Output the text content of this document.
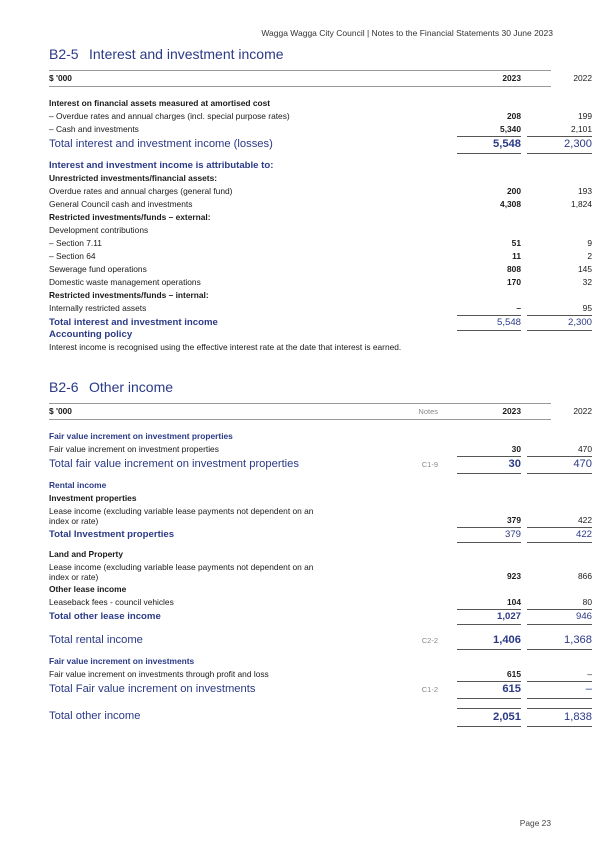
Wagga Wagga City Council | Notes to the Financial Statements 30 June 2023
B2-5 Interest and investment income
$ '000	2023	2022
Interest on financial assets measured at amortised cost
– Overdue rates and annual charges (incl. special purpose rates)	208	199
– Cash and investments	5,340	2,101
Total interest and investment income (losses)	5,548	2,300
Interest and investment income is attributable to:
Unrestricted investments/financial assets:
Overdue rates and annual charges (general fund)	200	193
General Council cash and investments	4,308	1,824
Restricted investments/funds – external:
Development contributions
– Section 7.11	51	9
– Section 64	11	2
Sewerage fund operations	808	145
Domestic waste management operations	170	32
Restricted investments/funds – internal:
Internally restricted assets	–	95
Total interest and investment income	5,548	2,300
Accounting policy
Interest income is recognised using the effective interest rate at the date that interest is earned.
B2-6 Other income
$ '000	Notes	2023	2022
Fair value increment on investment properties
Fair value increment on investment properties	30	470
Total fair value increment on investment properties	C1-9	30	470
Rental income
Investment properties
Lease income (excluding variable lease payments not dependent on an
index or rate)	379	422
Total Investment properties	379	422
Land and Property
Lease income (excluding variable lease payments not dependent on an
index or rate)	923	866
Other lease income
Leaseback fees - council vehicles	104	80
Total other lease income	1,027	946
Total rental income	C2-2	1,406	1,368
Fair value increment on investments
Fair value increment on investments through profit and loss	615	–
Total Fair value increment on investments	C1-2	615	–
Total other income	2,051	1,838
Page 23
